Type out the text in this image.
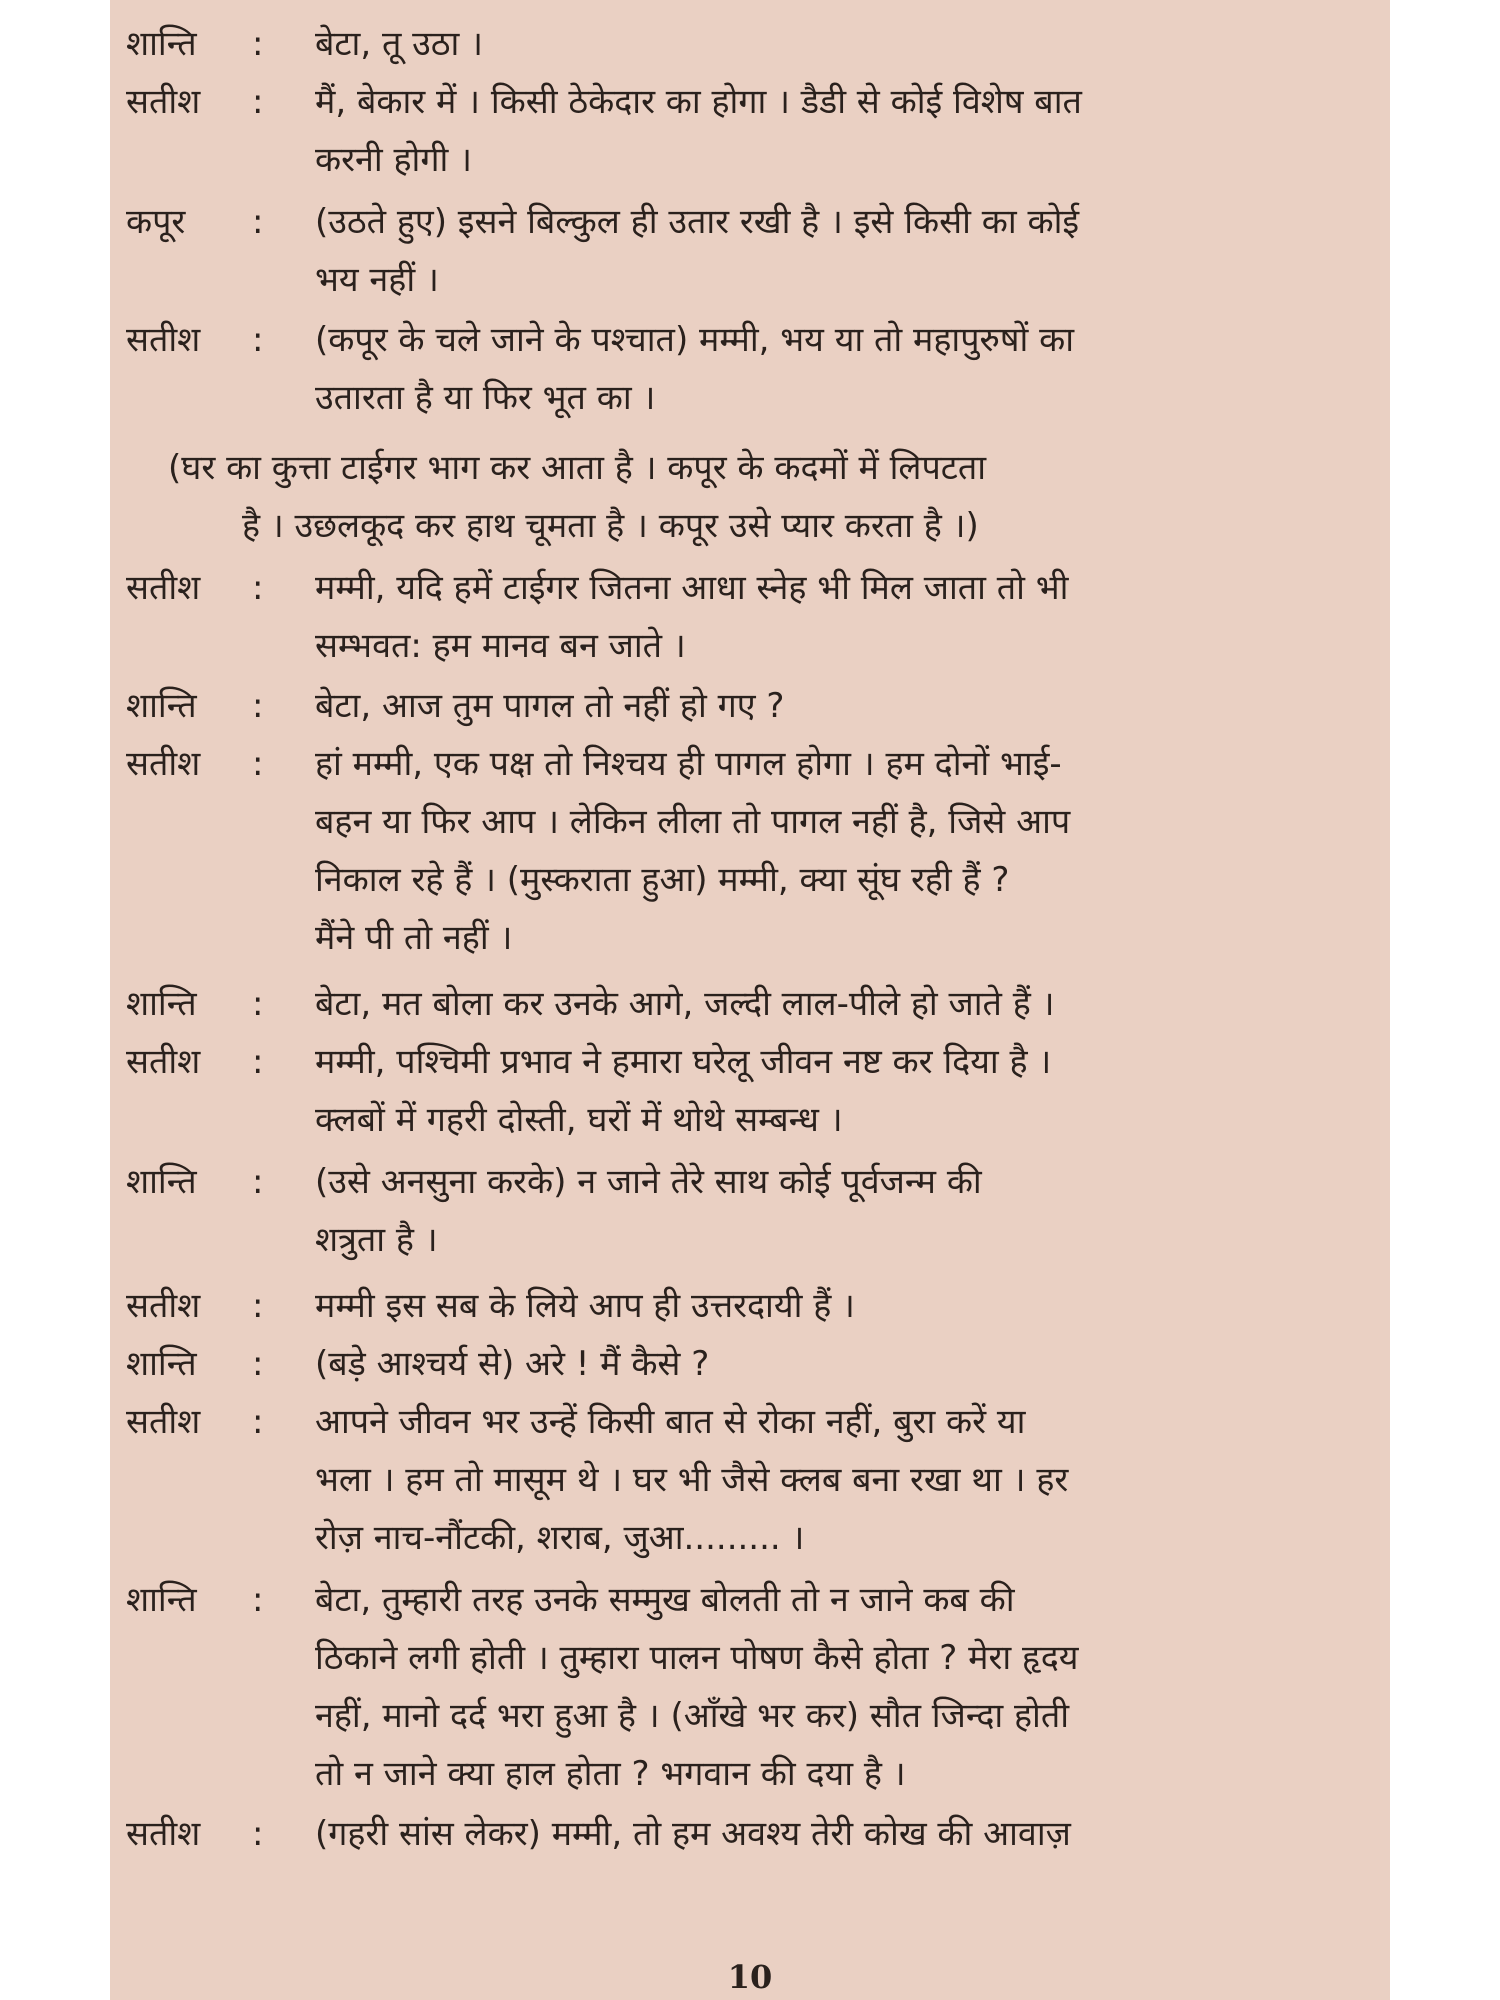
शान्ति : बेटा, तू उठा ।
सतीश : मैं, बेकार में । किसी ठेकेदार का होगा । डैडी से कोई विशेष बात
करनी होगी ।
कपूर : (उठते हुए) इसने बिल्कुल ही उतार रखी है । इसे किसी का कोई
भय नहीं ।
सतीश : (कपूर के चले जाने के पश्चात) मम्मी, भय या तो महापुरुषों का
उतारता है या फिर भूत का ।
(घर का कुत्ता टाईगर भाग कर आता है । कपूर के कदमों में लिपटता
है । उछलकूद कर हाथ चूमता है । कपूर उसे प्यार करता है ।)
सतीश : मम्मी, यदि हमें टाईगर जितना आधा स्नेह भी मिल जाता तो भी
सम्भवत: हम मानव बन जाते ।
शान्ति : बेटा, आज तुम पागल तो नहीं हो गए ?
सतीश : हां मम्मी, एक पक्ष तो निश्चय ही पागल होगा । हम दोनों भाई-
बहन या फिर आप । लेकिन लीला तो पागल नहीं है, जिसे आप
निकाल रहे हैं । (मुस्कराता हुआ) मम्मी, क्या सूंघ रही हैं ?
मैंने पी तो नहीं ।
शान्ति : बेटा, मत बोला कर उनके आगे, जल्दी लाल-पीले हो जाते हैं ।
सतीश : मम्मी, पश्चिमी प्रभाव ने हमारा घरेलू जीवन नष्ट कर दिया है ।
क्लबों में गहरी दोस्ती, घरों में थोथे सम्बन्ध ।
शान्ति : (उसे अनसुना करके) न जाने तेरे साथ कोई पूर्वजन्म की
शत्रुता है ।
सतीश : मम्मी इस सब के लिये आप ही उत्तरदायी हैं ।
शान्ति : (बड़े आश्चर्य से) अरे ! मैं कैसे ?
सतीश : आपने जीवन भर उन्हें किसी बात से रोका नहीं, बुरा करें या
भला । हम तो मासूम थे । घर भी जैसे क्लब बना रखा था । हर
रोज़ नाच-नौंटकी, शराब, जुआ......... ।
शान्ति : बेटा, तुम्हारी तरह उनके सम्मुख बोलती तो न जाने कब की
ठिकाने लगी होती । तुम्हारा पालन पोषण कैसे होता ? मेरा हृदय
नहीं, मानो दर्द भरा हुआ है । (आँखे भर कर) सौत जिन्दा होती
तो न जाने क्या हाल होता ? भगवान की दया है ।
सतीश : (गहरी सांस लेकर) मम्मी, तो हम अवश्य तेरी कोख की आवाज़
10
